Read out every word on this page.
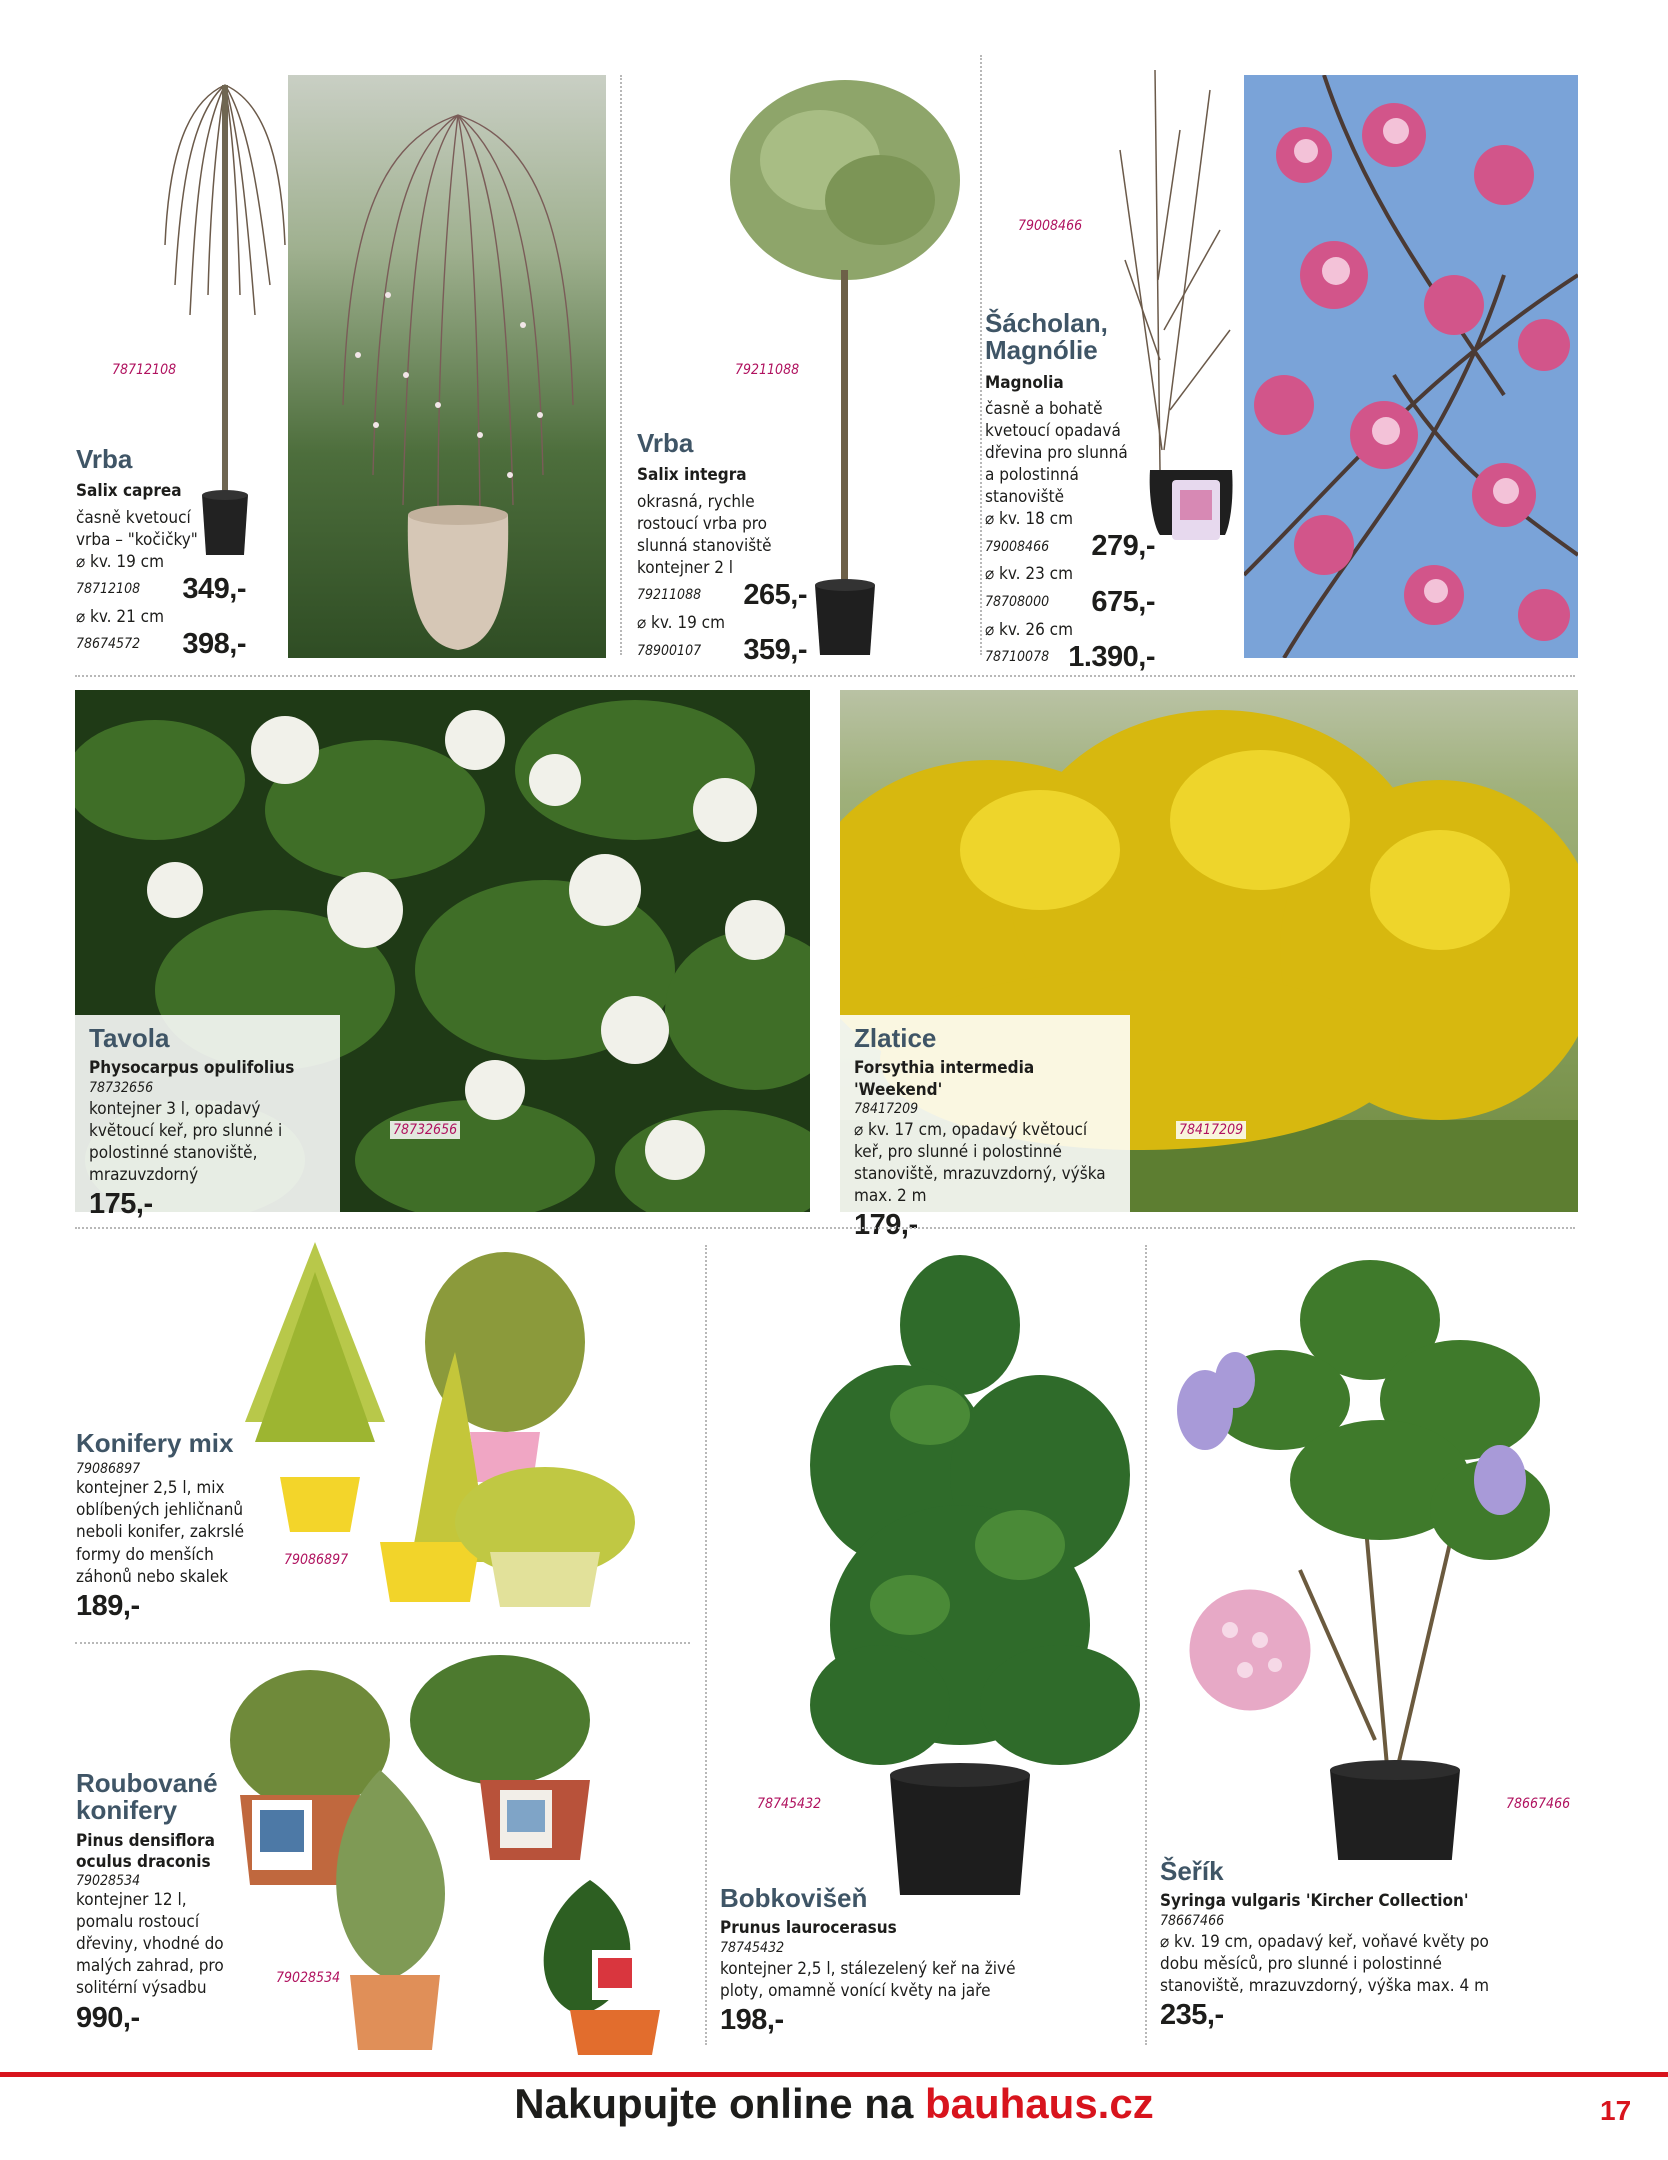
78712108
Vrba
Salix caprea
časně kvetoucí vrba – "kočičky"
⌀ kv. 19 cm
78712108 349,-
⌀ kv. 21 cm
78674572 398,-
79211088
Vrba
Salix integra
okrasná, rychle rostoucí vrba pro slunná stanoviště
kontejner 2 l
79211088 265,-
⌀ kv. 19 cm
78900107 359,-
79008466
Šácholan, Magnólie
Magnolia
časně a bohatě kvetoucí opadavá dřevina pro slunná a polostinná stanoviště
⌀ kv. 18 cm
79008466 279,-
⌀ kv. 23 cm
78708000 675,-
⌀ kv. 26 cm
78710078 1.390,-
Tavola
Physocarpus opulifolius
78732656
kontejner 3 l, opadavý kvĕtoucí keř, pro slunné i polostinné stanoviště, mrazuvzdorný
175,-
78732656
Zlatice
Forsythia intermedia 'Weekend'
78417209
⌀ kv. 17 cm, opadavý květoucí keř, pro slunné i polostinné stanoviště, mrazuvzdorný, výška max. 2 m
179,-
78417209
Konifery mix
79086897
kontejner 2,5 l, mix oblíbených jehličnanů neboli konifer, zakrslé formy do menších záhonů nebo skalek
189,-
79086897
Roubované konifery
Pinus densiflora oculus draconis
79028534
kontejner 12 l, pomalu rostoucí dřeviny, vhodné do malých zahrad, pro solitérní výsadbu
990,-
79028534
78745432
Bobkovišeň
Prunus laurocerasus
78745432
kontejner 2,5 l, stálezelený keř na živé ploty, omamně vonící květy na jaře
198,-
78667466
Šeřík
Syringa vulgaris 'Kircher Collection'
78667466
⌀ kv. 19 cm, opadavý keř, voňavé květy po dobu měsíců, pro slunné i polostinné stanoviště, mrazuvzdorný, výška max. 4 m
235,-
Nakupujte online na bauhaus.cz	17
